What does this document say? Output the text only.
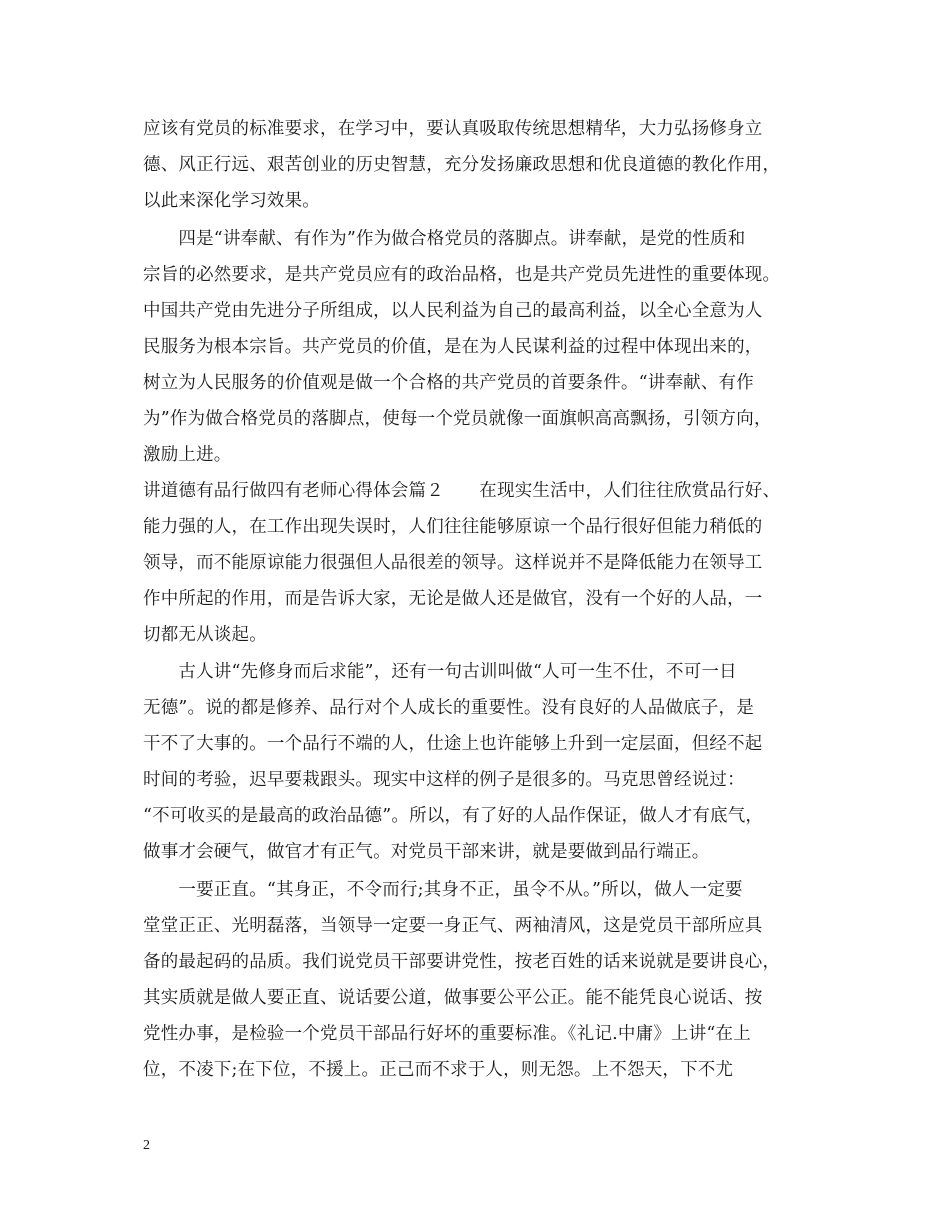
应该有党员的标准要求，在学习中，要认真吸取传统思想精华，大力弘扬修身立
德、风正行远、艰苦创业的历史智慧，充分发扬廉政思想和优良道德的教化作用，
以此来深化学习效果。
　　四是“讲奉献、有作为”作为做合格党员的落脚点。讲奉献，是党的性质和
宗旨的必然要求，是共产党员应有的政治品格，也是共产党员先进性的重要体现。
中国共产党由先进分子所组成，以人民利益为自己的最高利益，以全心全意为人
民服务为根本宗旨。共产党员的价值，是在为人民谋利益的过程中体现出来的，
树立为人民服务的价值观是做一个合格的共产党员的首要条件。“讲奉献、有作
为”作为做合格党员的落脚点，使每一个党员就像一面旗帜高高飘扬，引领方向，
激励上进。
讲道德有品行做四有老师心得体会篇２　　在现实生活中，人们往往欣赏品行好、
能力强的人，在工作出现失误时，人们往往能够原谅一个品行很好但能力稍低的
领导，而不能原谅能力很强但人品很差的领导。这样说并不是降低能力在领导工
作中所起的作用，而是告诉大家，无论是做人还是做官，没有一个好的人品，一
切都无从谈起。
　　古人讲“先修身而后求能”，还有一句古训叫做“人可一生不仕，不可一日
无德”。说的都是修养、品行对个人成长的重要性。没有良好的人品做底子，是
干不了大事的。一个品行不端的人，仕途上也许能够上升到一定层面，但经不起
时间的考验，迟早要栽跟头。现实中这样的例子是很多的。马克思曾经说过：
“不可收买的是最高的政治品德”。所以，有了好的人品作保证，做人才有底气，
做事才会硬气，做官才有正气。对党员干部来讲，就是要做到品行端正。
　　一要正直。“其身正，不令而行;其身不正，虽令不从。”所以，做人一定要
堂堂正正、光明磊落，当领导一定要一身正气、两袖清风，这是党员干部所应具
备的最起码的品质。我们说党员干部要讲党性，按老百姓的话来说就是要讲良心，
其实质就是做人要正直、说话要公道，做事要公平公正。能不能凭良心说话、按
党性办事，是检验一个党员干部品行好坏的重要标准。《礼记.中庸》上讲“在上
位，不凌下;在下位，不援上。正己而不求于人，则无怨。上不怨天，下不尤
2
